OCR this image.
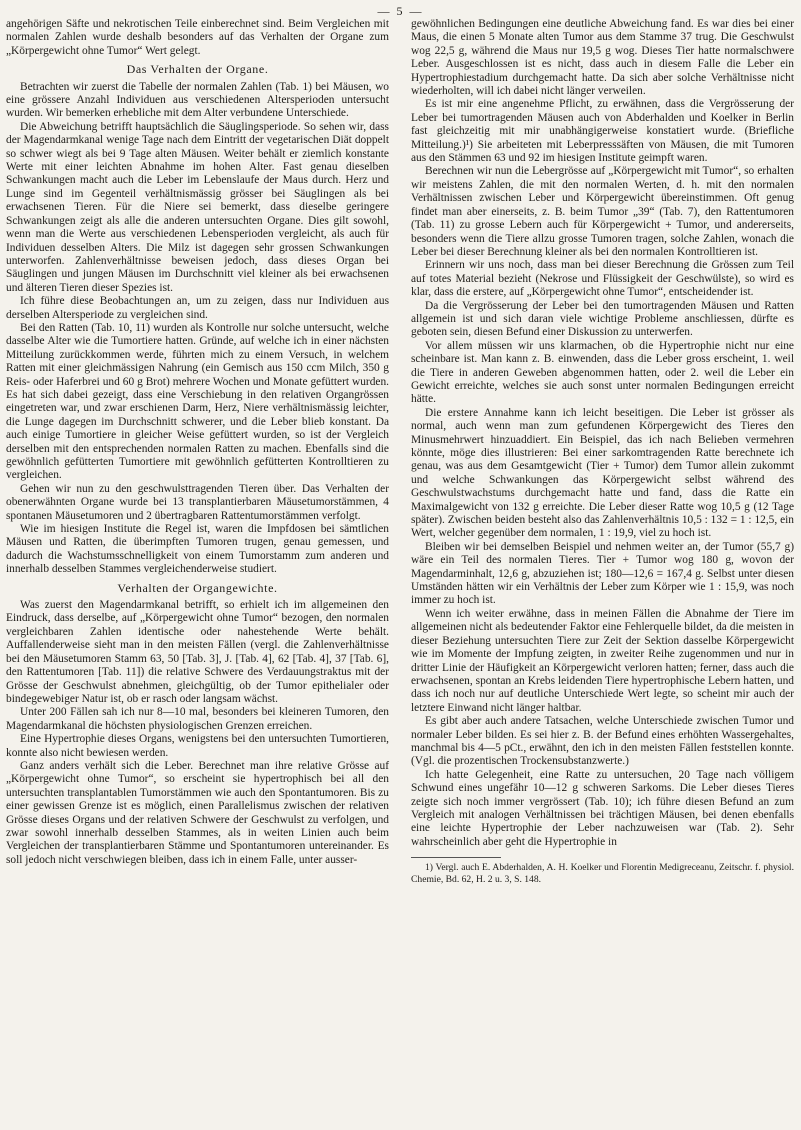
— 5 —

angehörigen Säfte und nekrotischen Teile einberechnet sind. Beim Vergleichen mit normalen Zahlen wurde deshalb besonders auf das Verhalten der Organe zum „Körpergewicht ohne Tumor“ Wert gelegt.

Das Verhalten der Organe.

Betrachten wir zuerst die Tabelle der normalen Zahlen (Tab. 1) bei Mäusen, wo eine grössere Anzahl Individuen aus verschiedenen Altersperioden untersucht wurden. Wir bemerken erhebliche mit dem Alter verbundene Unterschiede.

Die Abweichung betrifft hauptsächlich die Säuglingsperiode. So sehen wir, dass der Magendarmkanal wenige Tage nach dem Eintritt der vegetarischen Diät doppelt so schwer wiegt als bei 9 Tage alten Mäusen. Weiter behält er ziemlich konstante Werte mit einer leichten Abnahme im hohen Alter. Fast genau dieselben Schwankungen macht auch die Leber im Lebenslaufe der Maus durch. Herz und Lunge sind im Gegenteil verhältnismässig grösser bei Säuglingen als bei erwachsenen Tieren. Für die Niere sei bemerkt, dass dieselbe geringere Schwankungen zeigt als alle die anderen untersuchten Organe. Dies gilt sowohl, wenn man die Werte aus verschiedenen Lebensperioden vergleicht, als auch für Individuen desselben Alters. Die Milz ist dagegen sehr grossen Schwankungen unterworfen. Zahlenverhältnisse beweisen jedoch, dass dieses Organ bei Säuglingen und jungen Mäusen im Durchschnitt viel kleiner als bei erwachsenen und älteren Tieren dieser Spezies ist.

Ich führe diese Beobachtungen an, um zu zeigen, dass nur Individuen aus derselben Altersperiode zu vergleichen sind.

Bei den Ratten (Tab. 10, 11) wurden als Kontrolle nur solche untersucht, welche dasselbe Alter wie die Tumortiere hatten. Gründe, auf welche ich in einer nächsten Mitteilung zurückkommen werde, führten mich zu einem Versuch, in welchem Ratten mit einer gleichmässigen Nahrung (ein Gemisch aus 150 ccm Milch, 350 g Reis- oder Haferbrei und 60 g Brot) mehrere Wochen und Monate gefüttert wurden. Es hat sich dabei gezeigt, dass eine Verschiebung in den relativen Organgrössen eingetreten war, und zwar erschienen Darm, Herz, Niere verhältnismässig leichter, die Lunge dagegen im Durchschnitt schwerer, und die Leber blieb konstant. Da auch einige Tumortiere in gleicher Weise gefüttert wurden, so ist der Vergleich derselben mit den entsprechenden normalen Ratten zu machen. Ebenfalls sind die gewöhnlich gefütterten Tumortiere mit gewöhnlich gefütterten Kontrolltieren zu vergleichen.

Gehen wir nun zu den geschwulsttragenden Tieren über. Das Verhalten der obenerwähnten Organe wurde bei 13 transplantierbaren Mäusetumorstämmen, 4 spontanen Mäusetumoren und 2 übertragbaren Rattentumorstämmen verfolgt.

Wie im hiesigen Institute die Regel ist, waren die Impfdosen bei sämtlichen Mäusen und Ratten, die überimpften Tumoren trugen, genau gemessen, und dadurch die Wachstumsschnelligkeit von einem Tumorstamm zum anderen und innerhalb desselben Stammes vergleichenderweise studiert.

Verhalten der Organgewichte.

Was zuerst den Magendarmkanal betrifft, so erhielt ich im allgemeinen den Eindruck, dass derselbe, auf „Körpergewicht ohne Tumor“ bezogen, den normalen vergleichbaren Zahlen identische oder nahestehende Werte behält. Auffallenderweise sieht man in den meisten Fällen (vergl. die Zahlenverhältnisse bei den Mäusetumoren Stamm 63, 50 [Tab. 3], J. [Tab. 4], 62 [Tab. 4], 37 [Tab. 6], den Rattentumoren [Tab. 11]) die relative Schwere des Verdauungstraktus mit der Grösse der Geschwulst abnehmen, gleichgültig, ob der Tumor epithelialer oder bindegewebiger Natur ist, ob er rasch oder langsam wächst.

Unter 200 Fällen sah ich nur 8—10 mal, besonders bei kleineren Tumoren, den Magendarmkanal die höchsten physiologischen Grenzen erreichen.

Eine Hypertrophie dieses Organs, wenigstens bei den untersuchten Tumortieren, konnte also nicht bewiesen werden.

Ganz anders verhält sich die Leber. Berechnet man ihre relative Grösse auf „Körpergewicht ohne Tumor“, so erscheint sie hypertrophisch bei all den untersuchten transplantablen Tumorstämmen wie auch den Spontantumoren. Bis zu einer gewissen Grenze ist es möglich, einen Parallelismus zwischen der relativen Grösse dieses Organs und der relativen Schwere der Geschwulst zu verfolgen, und zwar sowohl innerhalb desselben Stammes, als in weiten Linien auch beim Vergleichen der transplantierbaren Stämme und Spontantumoren untereinander. Es soll jedoch nicht verschwiegen bleiben, dass ich in einem Falle, unter ausser-

gewöhnlichen Bedingungen eine deutliche Abweichung fand. Es war dies bei einer Maus, die einen 5 Monate alten Tumor aus dem Stamme 37 trug. Die Geschwulst wog 22,5 g, während die Maus nur 19,5 g wog. Dieses Tier hatte normalschwere Leber. Ausgeschlossen ist es nicht, dass auch in diesem Falle die Leber ein Hypertrophiestadium durchgemacht hatte. Da sich aber solche Verhältnisse nicht wiederholten, will ich dabei nicht länger verweilen.

Es ist mir eine angenehme Pflicht, zu erwähnen, dass die Vergrösserung der Leber bei tumortragenden Mäusen auch von Abderhalden und Koelker in Berlin fast gleichzeitig mit mir unabhängigerweise konstatiert wurde. (Briefliche Mitteilung.)¹) Sie arbeiteten mit Leberpresssäften von Mäusen, die mit Tumoren aus den Stämmen 63 und 92 im hiesigen Institute geimpft waren.

Berechnen wir nun die Lebergrösse auf „Körpergewicht mit Tumor“, so erhalten wir meistens Zahlen, die mit den normalen Werten, d. h. mit den normalen Verhältnissen zwischen Leber und Körpergewicht übereinstimmen. Oft genug findet man aber einerseits, z. B. beim Tumor „39“ (Tab. 7), den Rattentumoren (Tab. 11) zu grosse Lebern auch für Körpergewicht + Tumor, und andererseits, besonders wenn die Tiere allzu grosse Tumoren tragen, solche Zahlen, wonach die Leber bei dieser Berechnung kleiner als bei den normalen Kontrolltieren ist.

Erinnern wir uns noch, dass man bei dieser Berechnung die Grössen zum Teil auf totes Material bezieht (Nekrose und Flüssigkeit der Geschwülste), so wird es klar, dass die erstere, auf „Körpergewicht ohne Tumor“, entscheidender ist.

Da die Vergrösserung der Leber bei den tumortragenden Mäusen und Ratten allgemein ist und sich daran viele wichtige Probleme anschliessen, dürfte es geboten sein, diesen Befund einer Diskussion zu unterwerfen.

Vor allem müssen wir uns klarmachen, ob die Hypertrophie nicht nur eine scheinbare ist. Man kann z. B. einwenden, dass die Leber gross erscheint, 1. weil die Tiere in anderen Geweben abgenommen hatten, oder 2. weil die Leber ein Gewicht erreichte, welches sie auch sonst unter normalen Bedingungen erreicht hätte.

Die erstere Annahme kann ich leicht beseitigen. Die Leber ist grösser als normal, auch wenn man zum gefundenen Körpergewicht des Tieres den Minusmehrwert hinzuaddiert. Ein Beispiel, das ich nach Belieben vermehren könnte, möge dies illustrieren: Bei einer sarkomtragenden Ratte berechnete ich genau, was aus dem Gesamtgewicht (Tier + Tumor) dem Tumor allein zukommt und welche Schwankungen das Körpergewicht selbst während des Geschwulstwachstums durchgemacht hatte und fand, dass die Ratte ein Maximalgewicht von 132 g erreichte. Die Leber dieser Ratte wog 10,5 g (12 Tage später). Zwischen beiden besteht also das Zahlenverhältnis 10,5 : 132 = 1 : 12,5, ein Wert, welcher gegenüber dem normalen, 1 : 19,9, viel zu hoch ist.

Bleiben wir bei demselben Beispiel und nehmen weiter an, der Tumor (55,7 g) wäre ein Teil des normalen Tieres. Tier + Tumor wog 180 g, wovon der Magendarminhalt, 12,6 g, abzuziehen ist; 180—12,6 = 167,4 g. Selbst unter diesen Umständen hätten wir ein Verhältnis der Leber zum Körper wie 1 : 15,9, was noch immer zu hoch ist.

Wenn ich weiter erwähne, dass in meinen Fällen die Abnahme der Tiere im allgemeinen nicht als bedeutender Faktor eine Fehlerquelle bildet, da die meisten in dieser Beziehung untersuchten Tiere zur Zeit der Sektion dasselbe Körpergewicht wie im Momente der Impfung zeigten, in zweiter Reihe zugenommen und nur in dritter Linie der Häufigkeit an Körpergewicht verloren hatten; ferner, dass auch die erwachsenen, spontan an Krebs leidenden Tiere hypertrophische Lebern hatten, und dass ich noch nur auf deutliche Unterschiede Wert legte, so scheint mir auch der letztere Einwand nicht länger haltbar.

Es gibt aber auch andere Tatsachen, welche Unterschiede zwischen Tumor und normaler Leber bilden. Es sei hier z. B. der Befund eines erhöhten Wassergehaltes, manchmal bis 4—5 pCt., erwähnt, den ich in den meisten Fällen feststellen konnte. (Vgl. die prozentischen Trockensubstanzwerte.)

Ich hatte Gelegenheit, eine Ratte zu untersuchen, 20 Tage nach völligem Schwund eines ungefähr 10—12 g schweren Sarkoms. Die Leber dieses Tieres zeigte sich noch immer vergrössert (Tab. 10); ich führe diesen Befund an zum Vergleich mit analogen Verhältnissen bei trächtigen Mäusen, bei denen ebenfalls eine leichte Hypertrophie der Leber nachzuweisen war (Tab. 2). Sehr wahrscheinlich aber geht die Hypertrophie in

1) Vergl. auch E. Abderhalden, A. H. Koelker und Florentin Medigreceanu, Zeitschr. f. physiol. Chemie, Bd. 62, H. 2 u. 3, S. 148.
